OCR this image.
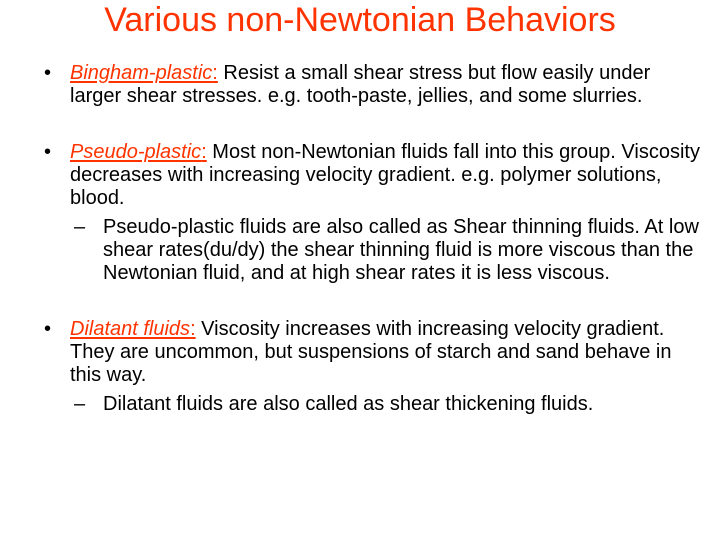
Various non-Newtonian Behaviors
• Bingham-plastic: Resist a small shear stress but flow easily under larger shear stresses. e.g. tooth-paste, jellies, and some slurries.
• Pseudo-plastic: Most non-Newtonian fluids fall into this group. Viscosity decreases with increasing velocity gradient. e.g. polymer solutions, blood.
– Pseudo-plastic fluids are also called as Shear thinning fluids. At low shear rates(du/dy) the shear thinning fluid is more viscous than the Newtonian fluid, and at high shear rates it is less viscous.
• Dilatant fluids: Viscosity increases with increasing velocity gradient. They are uncommon, but suspensions of starch and sand behave in this way.
– Dilatant fluids are also called as shear thickening fluids.
